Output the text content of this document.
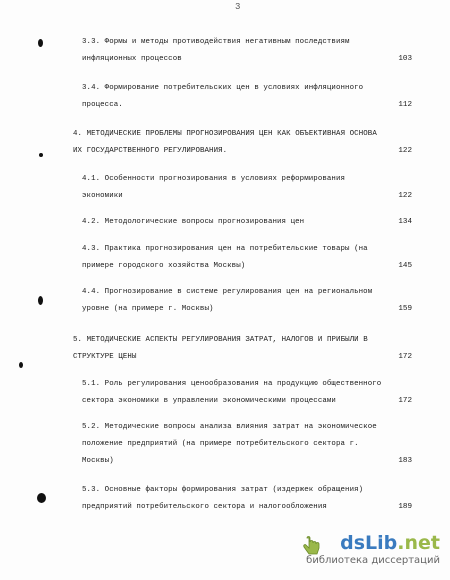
3
3.3. Формы и методы противодействия негативным последствиям
инфляционных процессов	103
3.4. Формирование потребительских цен в условиях инфляционного
процесса.	112
4. МЕТОДИЧЕСКИЕ ПРОБЛЕМЫ ПРОГНОЗИРОВАНИЯ ЦЕН КАК ОБЪЕКТИВНАЯ ОСНОВА
ИХ ГОСУДАРСТВЕННОГО РЕГУЛИРОВАНИЯ.	122
4.1. Особенности прогнозирования в условиях реформирования
экономики	122
4.2. Методологические вопросы прогнозирования цен	134
4.3. Практика прогнозирования цен на потребительские товары (на
примере городского хозяйства Москвы)	145
4.4. Прогнозирование в системе регулирования цен на региональном
уровне (на примере г. Москвы)	159
5. МЕТОДИЧЕСКИЕ АСПЕКТЫ РЕГУЛИРОВАНИЯ ЗАТРАТ, НАЛОГОВ И ПРИБЫЛИ В
СТРУКТУРЕ ЦЕНЫ	172
5.1. Роль регулирования ценообразования на продукцию общественного
сектора экономики в управлении экономическими процессами	172
5.2. Методические вопросы анализа влияния затрат на экономическое
положение предприятий (на примере потребительского сектора г.
Москвы)	183
5.3. Основные факторы формирования затрат (издержек обращения)
предприятий потребительского сектора и налогообложения	189
dsLib.net
библиотека диссертаций
